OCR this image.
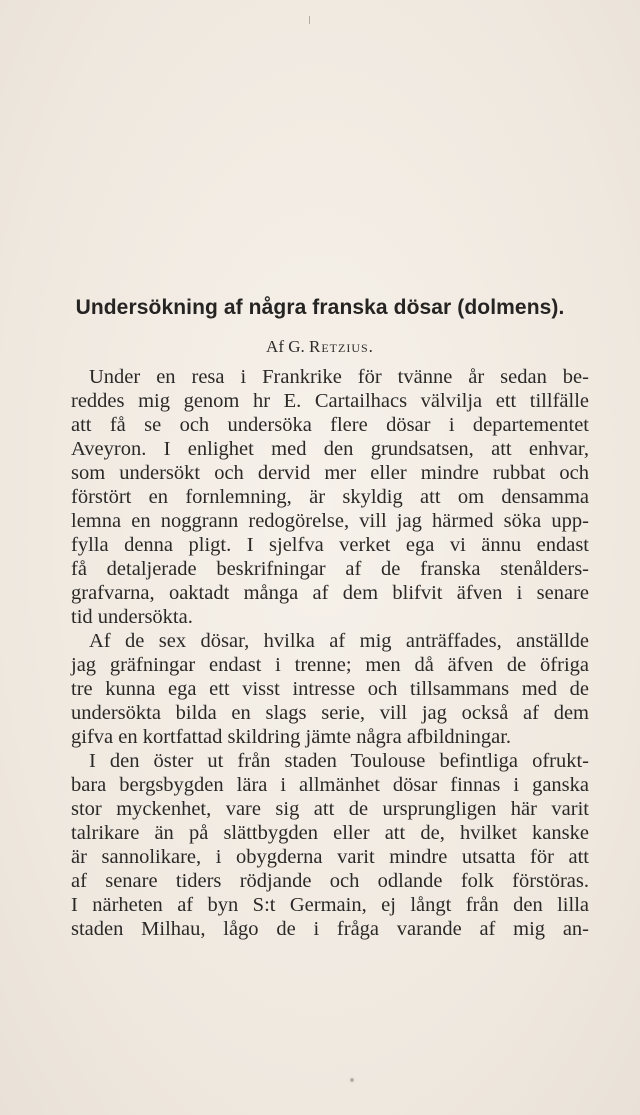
Undersökning af några franska dösar (dolmens).
Af G. Retzius.
Under en resa i Frankrike för tvänne år sedan be-
reddes mig genom hr E. Cartailhacs välvilja ett tillfälle
att få se och undersöka flere dösar i departementet
Aveyron. I enlighet med den grundsatsen, att enhvar,
som undersökt och dervid mer eller mindre rubbat och
förstört en fornlemning, är skyldig att om densamma
lemna en noggrann redogörelse, vill jag härmed söka upp-
fylla denna pligt. I sjelfva verket ega vi ännu endast
få detaljerade beskrifningar af de franska stenålders-
grafvarna, oaktadt många af dem blifvit äfven i senare
tid undersökta.
Af de sex dösar, hvilka af mig anträffades, anställde
jag gräfningar endast i trenne; men då äfven de öfriga
tre kunna ega ett visst intresse och tillsammans med de
undersökta bilda en slags serie, vill jag också af dem
gifva en kortfattad skildring jämte några afbildningar.
I den öster ut från staden Toulouse befintliga ofrukt-
bara bergsbygden lära i allmänhet dösar finnas i ganska
stor myckenhet, vare sig att de ursprungligen här varit
talrikare än på slättbygden eller att de, hvilket kanske
är sannolikare, i obygderna varit mindre utsatta för att
af senare tiders rödjande och odlande folk förstöras.
I närheten af byn S:t Germain, ej långt från den lilla
staden Milhau, lågo de i fråga varande af mig an-
